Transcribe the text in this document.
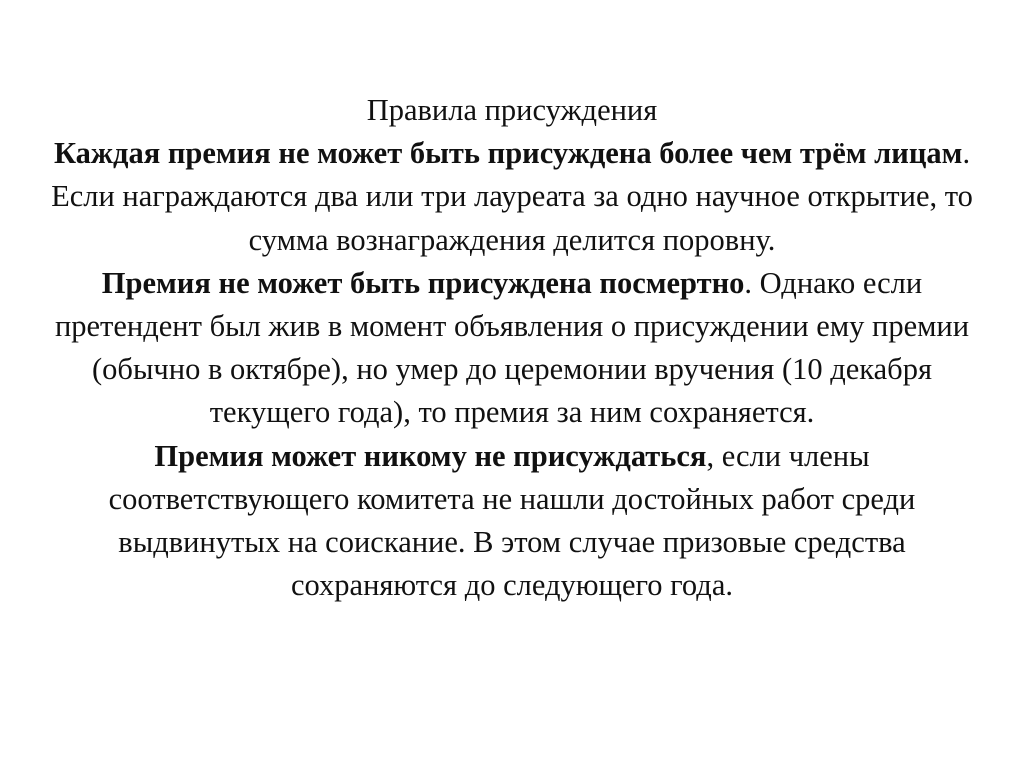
Правила присуждения
Каждая премия не может быть присуждена более чем трём лицам. Если награждаются два или три лауреата за одно научное открытие, то сумма вознаграждения делится поровну.
Премия не может быть присуждена посмертно. Однако если претендент был жив в момент объявления о присуждении ему премии (обычно в октябре), но умер до церемонии вручения (10 декабря текущего года), то премия за ним сохраняется.
Премия может никому не присуждаться, если члены соответствующего комитета не нашли достойных работ среди выдвинутых на соискание. В этом случае призовые средства сохраняются до следующего года.
